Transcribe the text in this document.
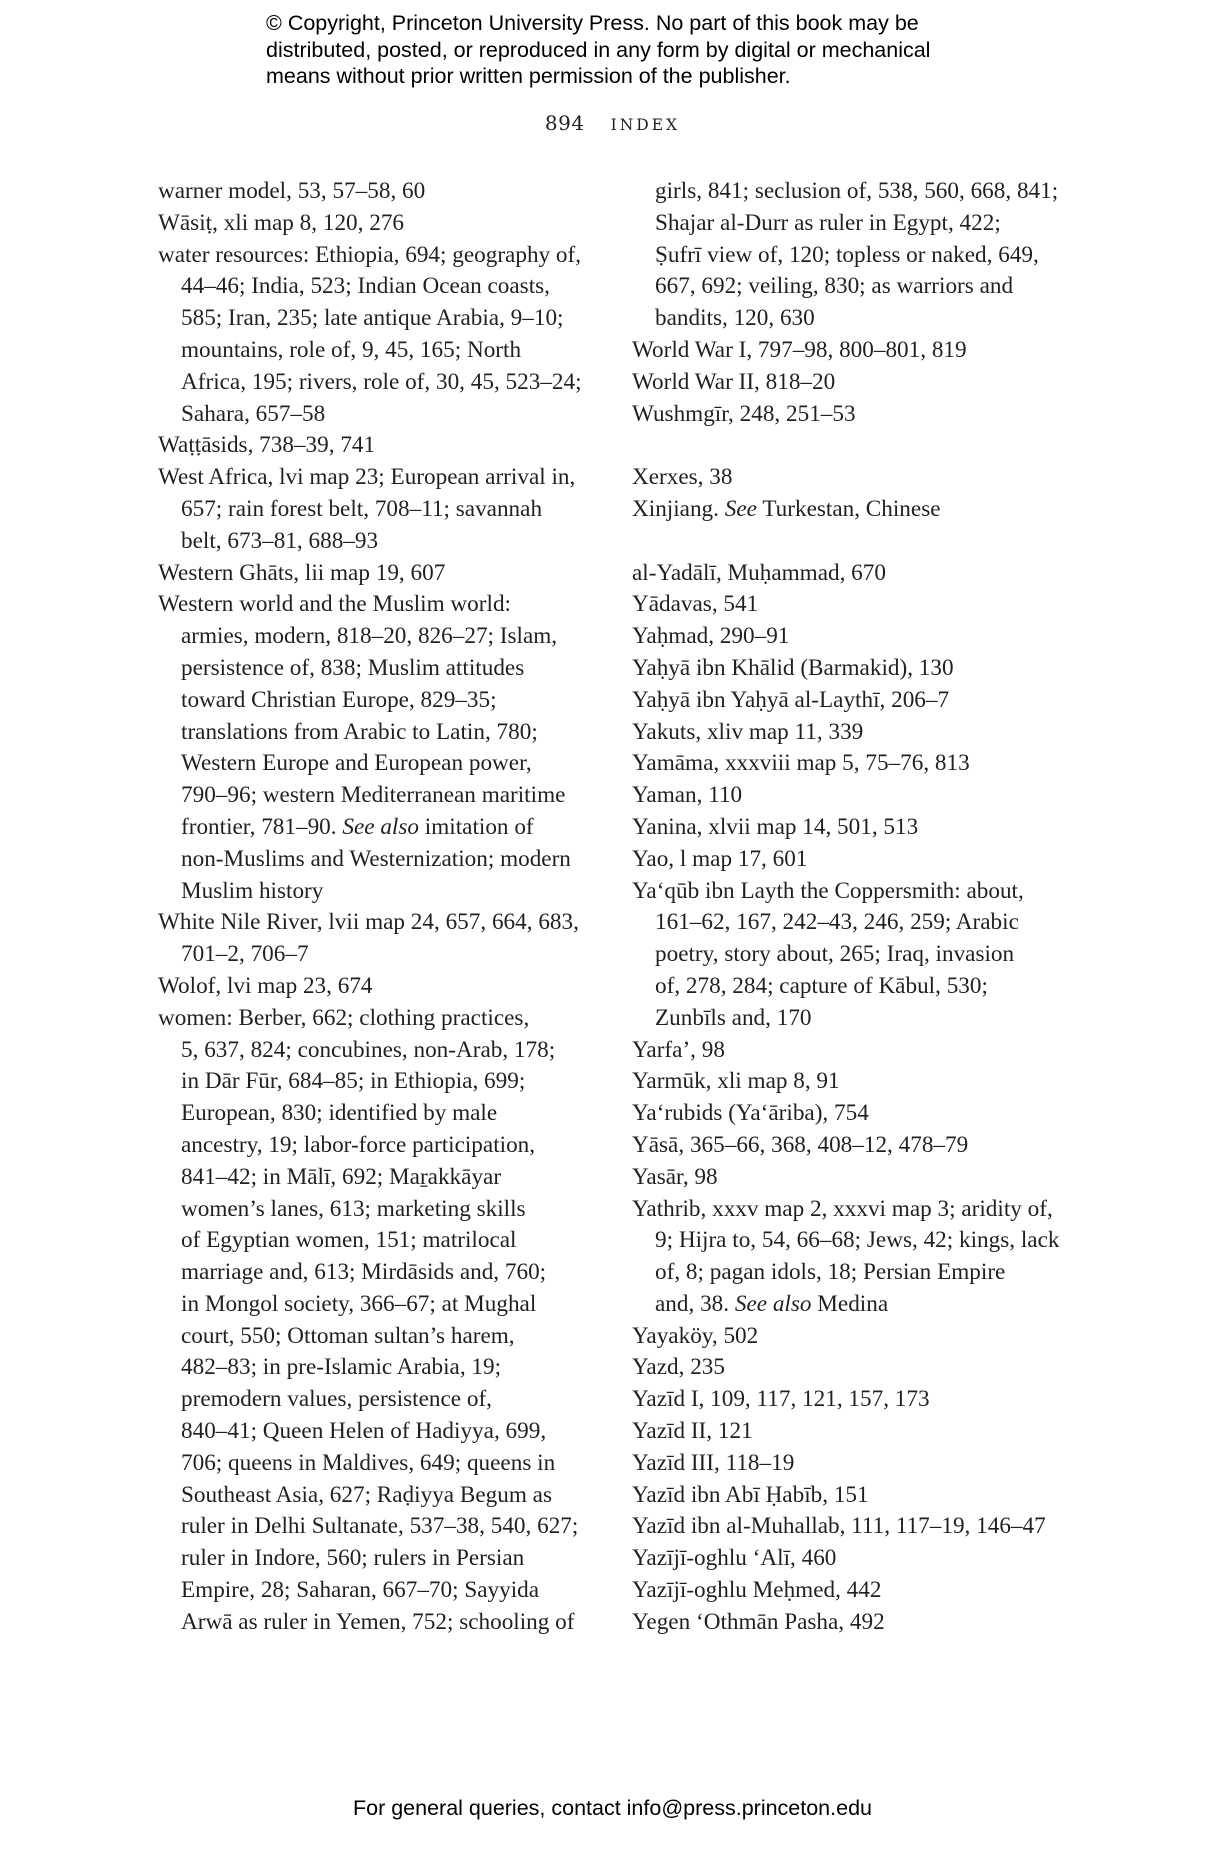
© Copyright, Princeton University Press. No part of this book may be
distributed, posted, or reproduced in any form by digital or mechanical
means without prior written permission of the publisher.
894 INDEX
warner model, 53, 57–58, 60
Wāsiṭ, xli map 8, 120, 276
water resources: Ethiopia, 694; geography of,
44–46; India, 523; Indian Ocean coasts,
585; Iran, 235; late antique Arabia, 9–10;
mountains, role of, 9, 45, 165; North
Africa, 195; rivers, role of, 30, 45, 523–24;
Sahara, 657–58
Waṭṭāsids, 738–39, 741
West Africa, lvi map 23; European arrival in,
657; rain forest belt, 708–11; savannah
belt, 673–81, 688–93
Western Ghāts, lii map 19, 607
Western world and the Muslim world:
armies, modern, 818–20, 826–27; Islam,
persistence of, 838; Muslim attitudes
toward Christian Europe, 829–35;
translations from Arabic to Latin, 780;
Western Europe and European power,
790–96; western Mediterranean maritime
frontier, 781–90. See also imitation of
non-Muslims and Westernization; modern
Muslim history
White Nile River, lvii map 24, 657, 664, 683,
701–2, 706–7
Wolof, lvi map 23, 674
women: Berber, 662; clothing practices,
5, 637, 824; concubines, non-Arab, 178;
in Dār Fūr, 684–85; in Ethiopia, 699;
European, 830; identified by male
ancestry, 19; labor-force participation,
841–42; in Mālī, 692; Maṟakkāyar
women’s lanes, 613; marketing skills
of Egyptian women, 151; matrilocal
marriage and, 613; Mirdāsids and, 760;
in Mongol society, 366–67; at Mughal
court, 550; Ottoman sultan’s harem,
482–83; in pre-Islamic Arabia, 19;
premodern values, persistence of,
840–41; Queen Helen of Hadiyya, 699,
706; queens in Maldives, 649; queens in
Southeast Asia, 627; Raḍiyya Begum as
ruler in Delhi Sultanate, 537–38, 540, 627;
ruler in Indore, 560; rulers in Persian
Empire, 28; Saharan, 667–70; Sayyida
Arwā as ruler in Yemen, 752; schooling of
girls, 841; seclusion of, 538, 560, 668, 841;
Shajar al-Durr as ruler in Egypt, 422;
Ṣufrī view of, 120; topless or naked, 649,
667, 692; veiling, 830; as warriors and
bandits, 120, 630
World War I, 797–98, 800–801, 819
World War II, 818–20
Wushmgīr, 248, 251–53
Xerxes, 38
Xinjiang. See Turkestan, Chinese
al-Yadālī, Muḥammad, 670
Yādavas, 541
Yaḥmad, 290–91
Yaḥyā ibn Khālid (Barmakid), 130
Yaḥyā ibn Yaḥyā al-Laythī, 206–7
Yakuts, xliv map 11, 339
Yamāma, xxxviii map 5, 75–76, 813
Yaman, 110
Yanina, xlvii map 14, 501, 513
Yao, l map 17, 601
Ya‘qūb ibn Layth the Coppersmith: about,
161–62, 167, 242–43, 246, 259; Arabic
poetry, story about, 265; Iraq, invasion
of, 278, 284; capture of Kābul, 530;
Zunbīls and, 170
Yarfa’, 98
Yarmūk, xli map 8, 91
Ya‘rubids (Ya‘āriba), 754
Yāsā, 365–66, 368, 408–12, 478–79
Yasār, 98
Yathrib, xxxv map 2, xxxvi map 3; aridity of,
9; Hijra to, 54, 66–68; Jews, 42; kings, lack
of, 8; pagan idols, 18; Persian Empire
and, 38. See also Medina
Yayaköy, 502
Yazd, 235
Yazīd I, 109, 117, 121, 157, 173
Yazīd II, 121
Yazīd III, 118–19
Yazīd ibn Abī Ḥabīb, 151
Yazīd ibn al-Muhallab, 111, 117–19, 146–47
Yazījī-oghlu ‘Alī, 460
Yazījī-oghlu Meḥmed, 442
Yegen ‘Othmān Pasha, 492
For general queries, contact info@press.princeton.edu
